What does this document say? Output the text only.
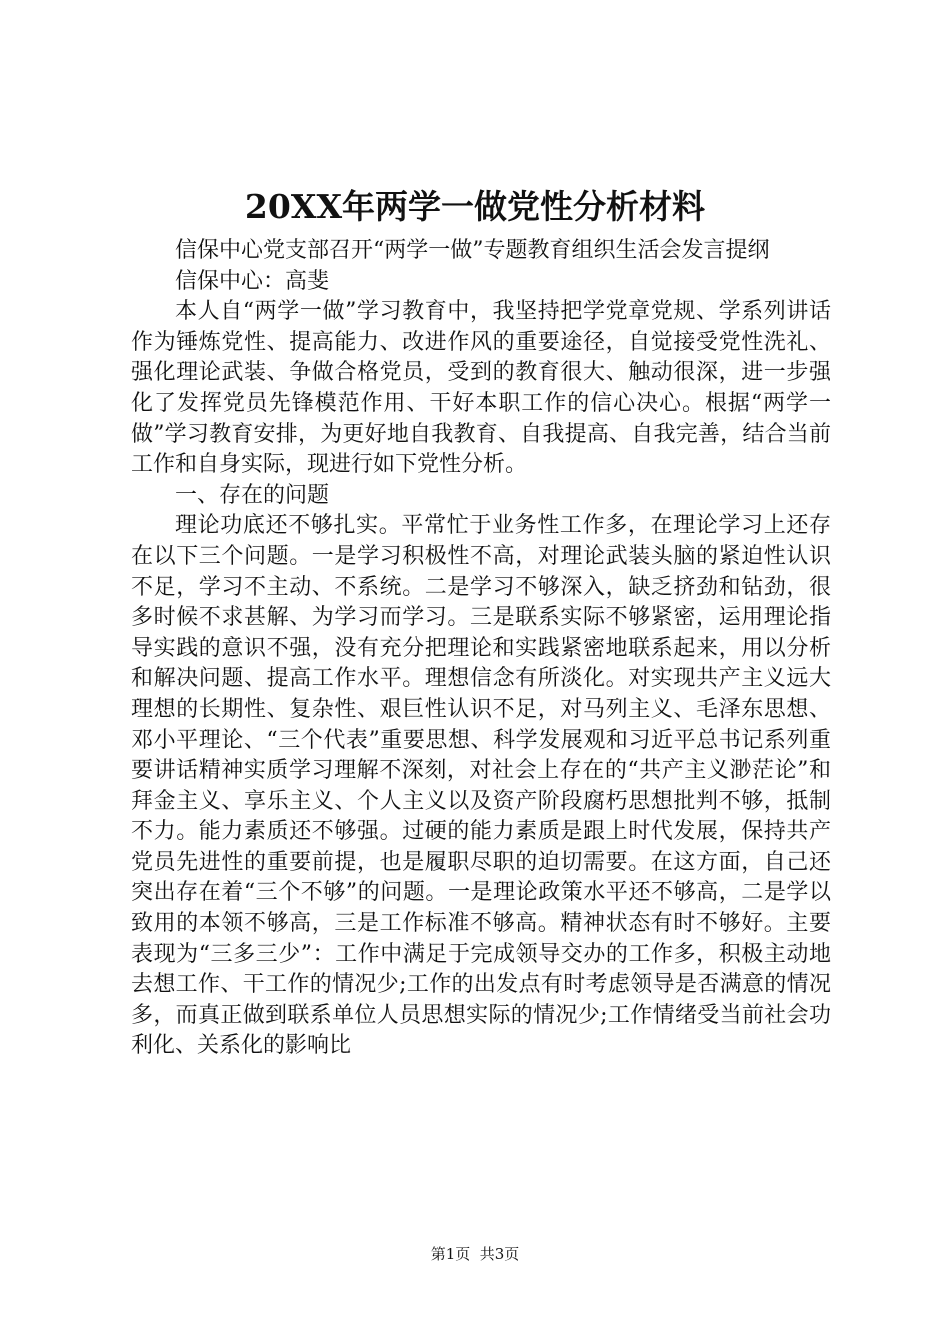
20XX年两学一做党性分析材料

信保中心党支部召开“两学一做”专题教育组织生活会发言提纲

信保中心：高斐

本人自“两学一做”学习教育中，我坚持把学党章党规、学系列讲话作为锤炼党性、提高能力、改进作风的重要途径，自觉接受党性洗礼、强化理论武装、争做合格党员，受到的教育很大、触动很深，进一步强化了发挥党员先锋模范作用、干好本职工作的信心决心。根据“两学一做”学习教育安排，为更好地自我教育、自我提高、自我完善，结合当前工作和自身实际，现进行如下党性分析。

一、存在的问题

理论功底还不够扎实。平常忙于业务性工作多，在理论学习上还存在以下三个问题。一是学习积极性不高，对理论武装头脑的紧迫性认识不足，学习不主动、不系统。二是学习不够深入，缺乏挤劲和钻劲，很多时候不求甚解、为学习而学习。三是联系实际不够紧密，运用理论指导实践的意识不强，没有充分把理论和实践紧密地联系起来，用以分析和解决问题、提高工作水平。理想信念有所淡化。对实现共产主义远大理想的长期性、复杂性、艰巨性认识不足，对马列主义、毛泽东思想、邓小平理论、“三个代表”重要思想、科学发展观和习近平总书记系列重要讲话精神实质学习理解不深刻，对社会上存在的“共产主义渺茫论”和拜金主义、享乐主义、个人主义以及资产阶段腐朽思想批判不够，抵制不力。能力素质还不够强。过硬的能力素质是跟上时代发展，保持共产党员先进性的重要前提，也是履职尽职的迫切需要。在这方面，自己还突出存在着“三个不够”的问题。一是理论政策水平还不够高，二是学以致用的本领不够高，三是工作标准不够高。精神状态有时不够好。主要表现为“三多三少”：工作中满足于完成领导交办的工作多，积极主动地去想工作、干工作的情况少;工作的出发点有时考虑领导是否满意的情况多，而真正做到联系单位人员思想实际的情况少;工作情绪受当前社会功利化、关系化的影响比

第1页  共3页
